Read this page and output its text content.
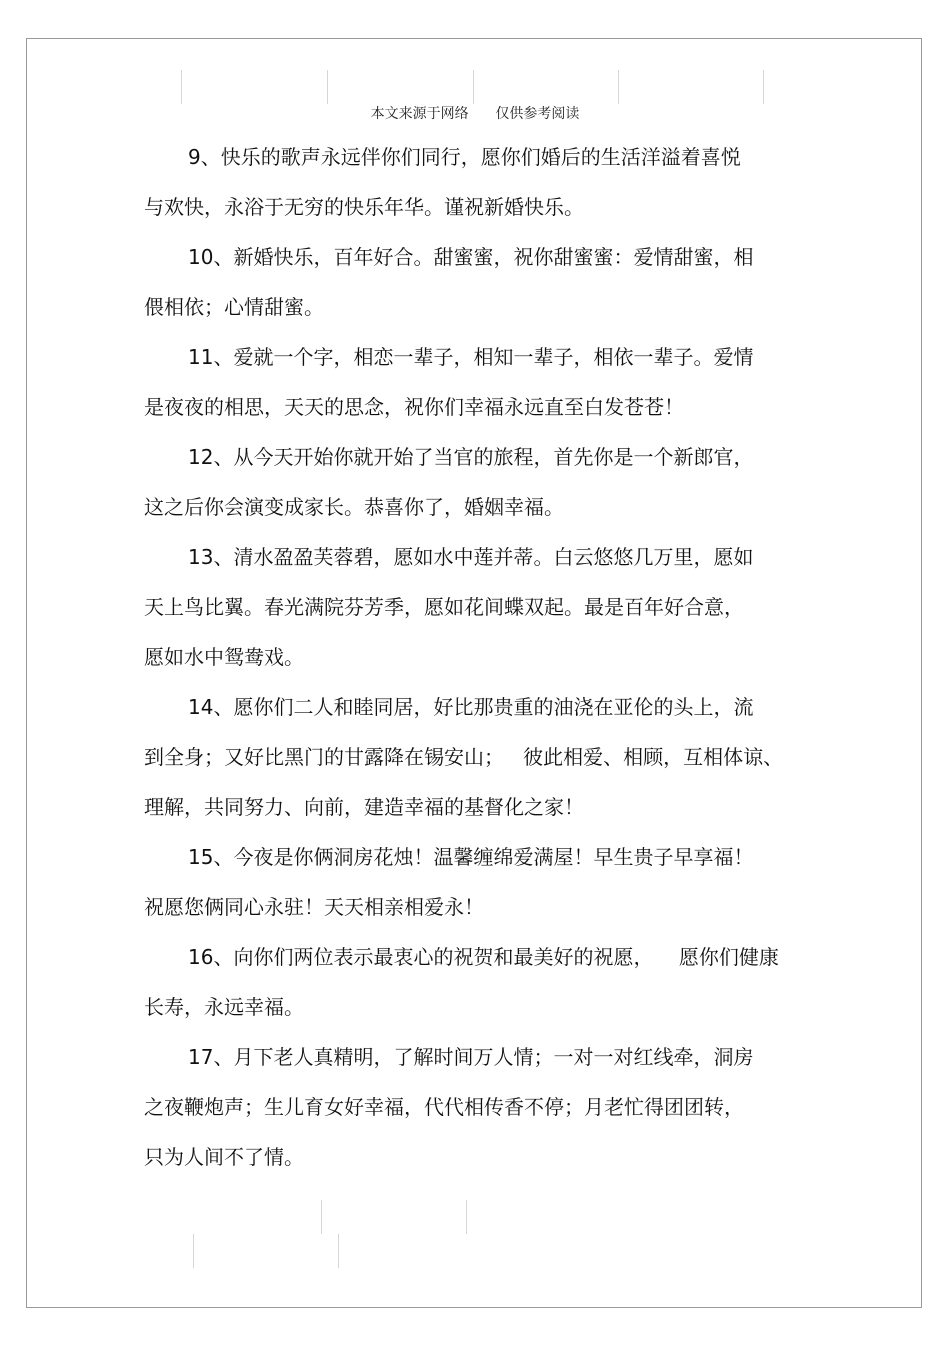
本文来源于网络      仅供参考阅读

9、快乐的歌声永远伴你们同行，愿你们婚后的生活洋溢着喜悦
与欢快，永浴于无穷的快乐年华。谨祝新婚快乐。

10、新婚快乐，百年好合。甜蜜蜜，祝你甜蜜蜜：爱情甜蜜，相
偎相依；心情甜蜜。

11、爱就一个字，相恋一辈子，相知一辈子，相依一辈子。爱情
是夜夜的相思，天天的思念，祝你们幸福永远直至白发苍苍！

12、从今天开始你就开始了当官的旅程，首先你是一个新郎官，
这之后你会演变成家长。恭喜你了，婚姻幸福。

13、清水盈盈芙蓉碧，愿如水中莲并蒂。白云悠悠几万里，愿如
天上鸟比翼。春光满院芬芳季，愿如花间蝶双起。最是百年好合意，
愿如水中鸳鸯戏。

14、愿你们二人和睦同居，好比那贵重的油浇在亚伦的头上，流
到全身；又好比黑门的甘露降在锡安山；   彼此相爱、相顾，互相体谅、
理解，共同努力、向前，建造幸福的基督化之家！

15、今夜是你俩洞房花烛！温馨缠绵爱满屋！早生贵子早享福！
祝愿您俩同心永驻！天天相亲相爱永！

16、向你们两位表示最衷心的祝贺和最美好的祝愿，    愿你们健康
长寿，永远幸福。

17、月下老人真精明，了解时间万人情；一对一对红线牵，洞房
之夜鞭炮声；生儿育女好幸福，代代相传香不停；月老忙得团团转，
只为人间不了情。
